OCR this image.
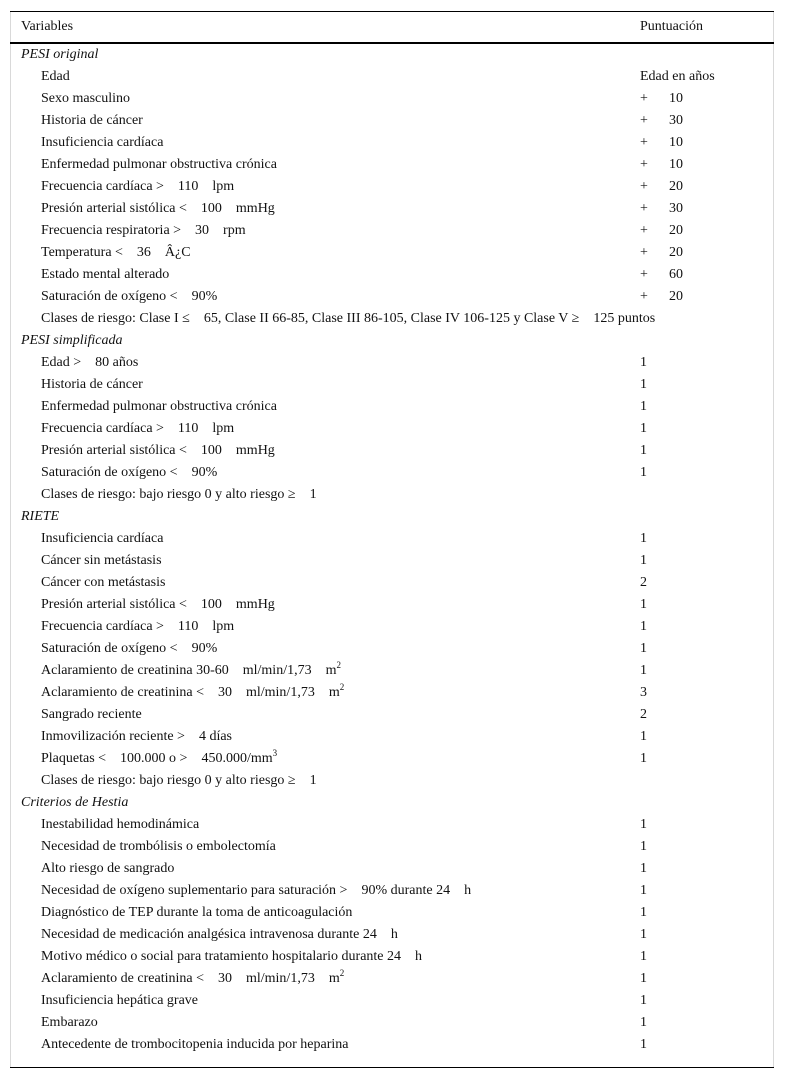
Variables	Puntuación
PESI original
Edad	Edad en años
Sexo masculino	+ 10
Historia de cáncer	+ 30
Insuficiencia cardíaca	+ 10
Enfermedad pulmonar obstructiva crónica	+ 10
Frecuencia cardíaca > 110 lpm	+ 20
Presión arterial sistólica < 100 mmHg	+ 30
Frecuencia respiratoria > 30 rpm	+ 20
Temperatura < 36 Â¿C	+ 20
Estado mental alterado	+ 60
Saturación de oxígeno < 90%	+ 20
Clases de riesgo: Clase I ≤ 65, Clase II 66-85, Clase III 86-105, Clase IV 106-125 y Clase V ≥ 125 puntos
PESI simplificada
Edad > 80 años	1
Historia de cáncer	1
Enfermedad pulmonar obstructiva crónica	1
Frecuencia cardíaca > 110 lpm	1
Presión arterial sistólica < 100 mmHg	1
Saturación de oxígeno < 90%	1
Clases de riesgo: bajo riesgo 0 y alto riesgo ≥ 1
RIETE
Insuficiencia cardíaca	1
Cáncer sin metástasis	1
Cáncer con metástasis	2
Presión arterial sistólica < 100 mmHg	1
Frecuencia cardíaca > 110 lpm	1
Saturación de oxígeno < 90%	1
Aclaramiento de creatinina 30-60 ml/min/1,73 $m^2$	1
Aclaramiento de creatinina < 30 ml/min/1,73 $m^2$	3
Sangrado reciente	2
Inmovilización reciente > 4 días	1
Plaquetas < 100.000 o > $450.000/mm^3$	1
Clases de riesgo: bajo riesgo 0 y alto riesgo ≥ 1
Criterios de Hestia
Inestabilidad hemodinámica	1
Necesidad de trombólisis o embolectomía	1
Alto riesgo de sangrado	1
Necesidad de oxígeno suplementario para saturación > 90% durante 24 h	1
Diagnóstico de TEP durante la toma de anticoagulación	1
Necesidad de medicación analgésica intravenosa durante 24 h	1
Motivo médico o social para tratamiento hospitalario durante 24 h	1
Aclaramiento de creatinina < 30 ml/min/1,73 $m^2$	1
Insuficiencia hepática grave	1
Embarazo	1
Antecedente de trombocitopenia inducida por heparina	1
